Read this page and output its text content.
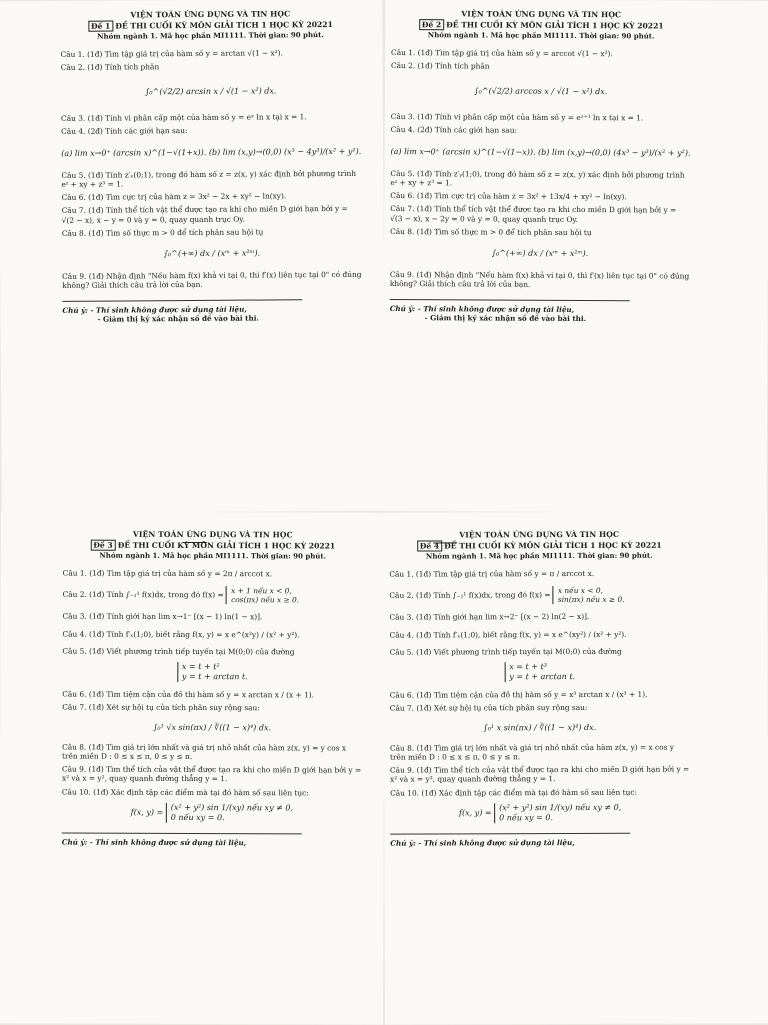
VIỆN TOÁN ỨNG DỤNG VÀ TIN HỌC
Đề 1 ĐỀ THI CUỐI KỲ MÔN GIẢI TÍCH 1 HỌC KỲ 20221
Nhóm ngành 1. Mã học phần MI1111. Thời gian: 90 phút.
Câu 1. (1đ) Tìm tập giá trị của hàm số y = arctan √(1 − x²).
Câu 2. (1đ) Tính tích phân
∫₀^(√2/2) arcsin x / √(1 − x²) dx.
Câu 3. (1đ) Tính vi phân cấp một của hàm số y = eˣ ln x tại x = 1.
Câu 4. (2đ) Tính các giới hạn sau:
(a) lim x→0⁺ (arcsin x)^(1−√(1+x)). (b) lim (x,y)→(0,0) (x³ − 4y³)/(x² + y²).
Câu 5. (1đ) Tính z′ₓ(0;1), trong đó hàm số z = z(x, y) xác định bởi phương trình eᶻ + xy + z³ = 1.
Câu 6. (1đ) Tìm cực trị của hàm z = 3x² − 2x + xy² − ln(xy).
Câu 7. (1đ) Tính thể tích vật thể được tạo ra khi cho miền D giới hạn bởi y = √(2 − x), x − y = 0 và y = 0, quay quanh trục Oy.
Câu 8. (1đ) Tìm số thực m > 0 để tích phân sau hội tụ
∫₀^(+∞) dx / (xᵐ + x²ᵐ).
Câu 9. (1đ) Nhận định "Nếu hàm f(x) khả vi tại 0, thì f′(x) liên tục tại 0" có đúng không? Giải thích câu trả lời của bạn.
Chú ý: - Thí sinh không được sử dụng tài liệu,
- Giám thị ký xác nhận số đề vào bài thi.
VIỆN TOÁN ỨNG DỤNG VÀ TIN HỌC
Đề 2 ĐỀ THI CUỐI KỲ MÔN GIẢI TÍCH 1 HỌC KỲ 20221
Nhóm ngành 1. Mã học phần MI1111. Thời gian: 90 phút.
Câu 1. (1đ) Tìm tập giá trị của hàm số y = arccot √(1 − x²).
Câu 2. (1đ) Tính tích phân
∫₀^(√2/2) arccos x / √(1 − x²) dx.
Câu 3. (1đ) Tính vi phân cấp một của hàm số y = eˣ⁺¹ ln x tại x = 1.
Câu 4. (2đ) Tính các giới hạn sau:
(a) lim x→0⁺ (arcsin x)^(1−√(1−x)). (b) lim (x,y)→(0,0) (4x³ − y³)/(x² + y²).
Câu 5. (1đ) Tính z′ᵧ(1;0), trong đó hàm số z = z(x, y) xác định bởi phương trình eᶻ + xy + z³ = 1.
Câu 6. (1đ) Tìm cực trị của hàm z = 3x² + 13x/4 + xy² − ln(xy).
Câu 7. (1đ) Tính thể tích vật thể được tạo ra khi cho miền D giới hạn bởi y = √(3 − x), x − 2y = 0 và y = 0, quay quanh trục Oy.
Câu 8. (1đ) Tìm số thực m > 0 để tích phân sau hội tụ
∫₀^(+∞) dx / (xᵐ + x²ᵐ).
Câu 9. (1đ) Nhận định "Nếu hàm f(x) khả vi tại 0, thì f′(x) liên tục tại 0" có đúng không? Giải thích câu trả lời của bạn.
Chú ý: - Thí sinh không được sử dụng tài liệu,
- Giám thị ký xác nhận số đề vào bài thi.
VIỆN TOÁN ỨNG DỤNG VÀ TIN HỌC
Đề 3 ĐỀ THI CUỐI KỲ MÔN GIẢI TÍCH 1 HỌC KỲ 20221
Nhóm ngành 1. Mã học phần MI1111. Thời gian: 90 phút.
Câu 1. (1đ) Tìm tập giá trị của hàm số y = 2π / arccot x.
Câu 2. (1đ) Tính ∫₋₁¹ f(x)dx, trong đó f(x) = x + 1 nếu x < 0,
cos(πx) nếu x ≥ 0.
Câu 3. (1đ) Tính giới hạn lim x→1⁻ [(x − 1) ln(1 − x)].
Câu 4. (1đ) Tính f′ₓ(1;0), biết rằng f(x, y) = x e^(x²y) / (x² + y²).
Câu 5. (1đ) Viết phương trình tiếp tuyến tại M(0;0) của đường
x = t + t²
y = t + arctan t.
Câu 6. (1đ) Tìm tiệm cận của đồ thị hàm số y = x arctan x / (x + 1).
Câu 7. (1đ) Xét sự hội tụ của tích phân suy rộng sau:
∫₀¹ √x sin(πx) / ∛((1 − x)⁴) dx.
Câu 8. (1đ) Tìm giá trị lớn nhất và giá trị nhỏ nhất của hàm z(x, y) = y cos x trên miền D : 0 ≤ x ≤ π, 0 ≤ y ≤ π.
Câu 9. (1đ) Tìm thể tích của vật thể được tạo ra khi cho miền D giới hạn bởi y = x² và x = y², quay quanh đường thẳng y = 1.
Câu 10. (1đ) Xác định tập các điểm mà tại đó hàm số sau liên tục:
f(x, y) = (x² + y²) sin 1/(xy) nếu xy ≠ 0,
0 nếu xy = 0.
Chú ý: - Thí sinh không được sử dụng tài liệu,
VIỆN TOÁN ỨNG DỤNG VÀ TIN HỌC
Đề 4 ĐỀ THI CUỐI KỲ MÔN GIẢI TÍCH 1 HỌC KỲ 20221
Nhóm ngành 1. Mã học phần MI1111. Thời gian: 90 phút.
Câu 1. (1đ) Tìm tập giá trị của hàm số y = π / arccot x.
Câu 2. (1đ) Tính ∫₋₁¹ f(x)dx, trong đó f(x) = x nếu x < 0,
sin(πx) nếu x ≥ 0.
Câu 3. (1đ) Tính giới hạn lim x→2⁻ [(x − 2) ln(2 − x)].
Câu 4. (1đ) Tính f′ₓ(1;0), biết rằng f(x, y) = x e^(xy²) / (x² + y²).
Câu 5. (1đ) Viết phương trình tiếp tuyến tại M(0;0) của đường
x = t + t³
y = t + arctan t.
Câu 6. (1đ) Tìm tiệm cận của đồ thị hàm số y = x³ arctan x / (x³ + 1).
Câu 7. (1đ) Xét sự hội tụ của tích phân suy rộng sau:
∫₀¹ x sin(πx) / ∛((1 − x)⁴) dx.
Câu 8. (1đ) Tìm giá trị lớn nhất và giá trị nhỏ nhất của hàm z(x, y) = x cos y trên miền D : 0 ≤ x ≤ π, 0 ≤ y ≤ π.
Câu 9. (1đ) Tìm thể tích của vật thể được tạo ra khi cho miền D giới hạn bởi y = x² và x = y², quay quanh đường thẳng y = 1.
Câu 10. (1đ) Xác định tập các điểm mà tại đó hàm số sau liên tục:
f(x, y) = (x² + y²) sin 1/(xy) nếu xy ≠ 0,
0 nếu xy = 0.
Chú ý: - Thí sinh không được sử dụng tài liệu,
